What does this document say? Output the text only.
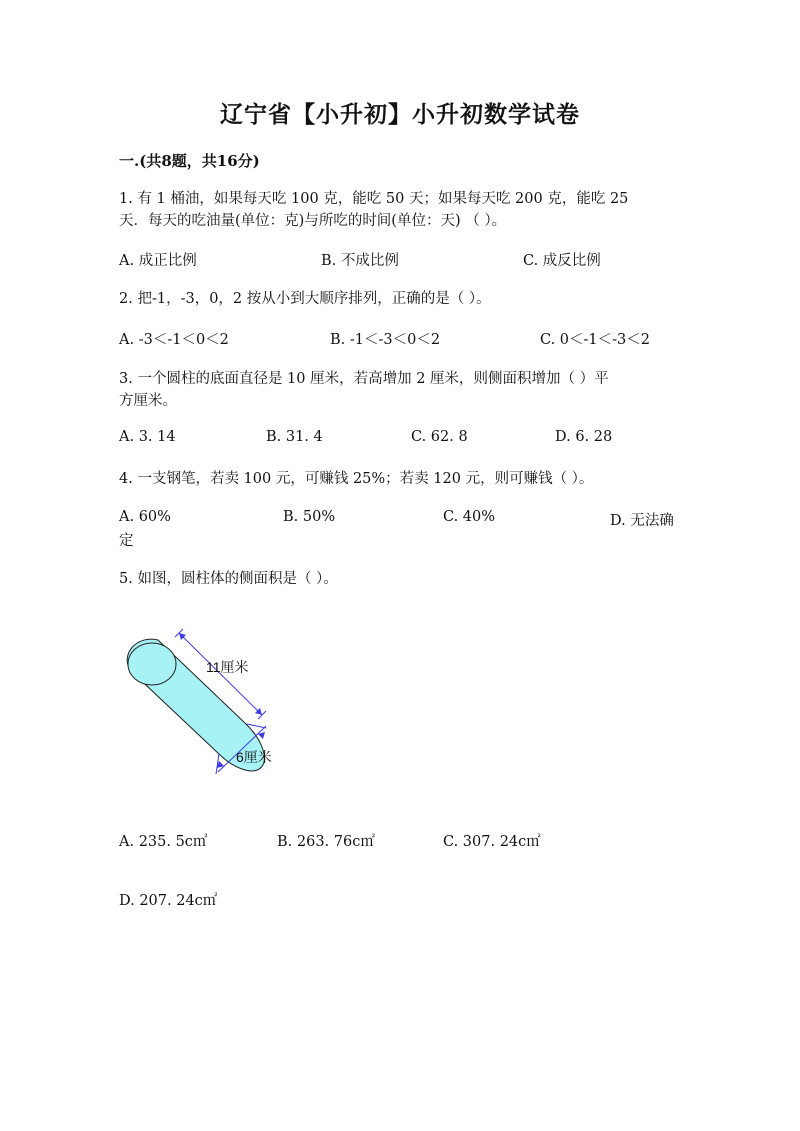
辽宁省【小升初】小升初数学试卷
一.(共8题，共16分)
1. 有 1 桶油，如果每天吃 100 克，能吃 50 天；如果每天吃 200 克，能吃 25
天．每天的吃油量(单位：克)与所吃的时间(单位：天) （ ）。
A. 成正比例	B. 不成比例	C. 成反比例
2. 把-1，-3，0，2 按从小到大顺序排列，正确的是（ ）。
A. -3＜-1＜0＜2	B. -1＜-3＜0＜2	C. 0＜-1＜-3＜2
3. 一个圆柱的底面直径是 10 厘米，若高增加 2 厘米，则侧面积增加（ ）平
方厘米。
A. 3. 14	B. 31. 4	C. 62. 8	D. 6. 28
4. 一支钢笔，若卖 100 元，可赚钱 25%；若卖 120 元，则可赚钱（ ）。
A. 60%	B. 50%	C. 40%	D. 无法确
定
5. 如图，圆柱体的侧面积是（ ）。
11厘米
6厘米
A. 235. 5c㎡	B. 263. 76c㎡	C. 307. 24c㎡
D. 207. 24c㎡
